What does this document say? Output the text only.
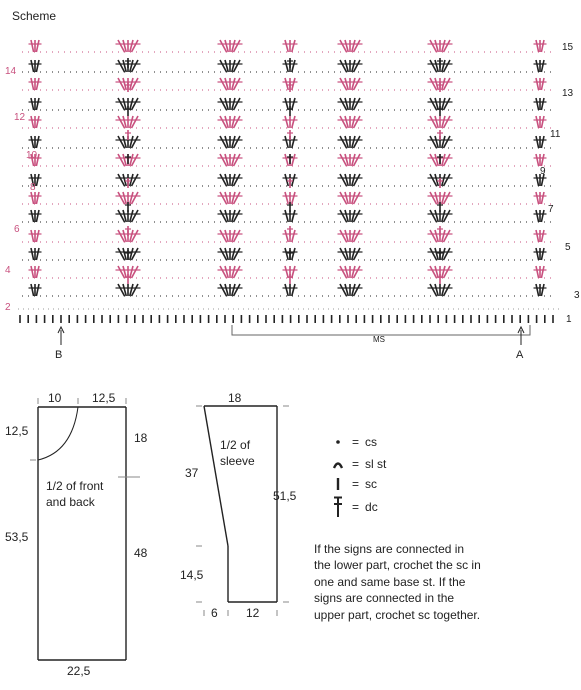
Scheme
14
12
10
8
6
4
2
15
13
11
9
7
5
3
1
B	A
MS
10	12,5
12,5	18
48
53,5
22,5
1/2 of front and back
18
37
14,5
51,5
6 12
1/2 of sleeve
= cs
= sl st
= sc
= dc
If the signs are connected in the lower part, crochet the sc in one and same base st. If the signs are connected in the upper part, crochet sc together.
